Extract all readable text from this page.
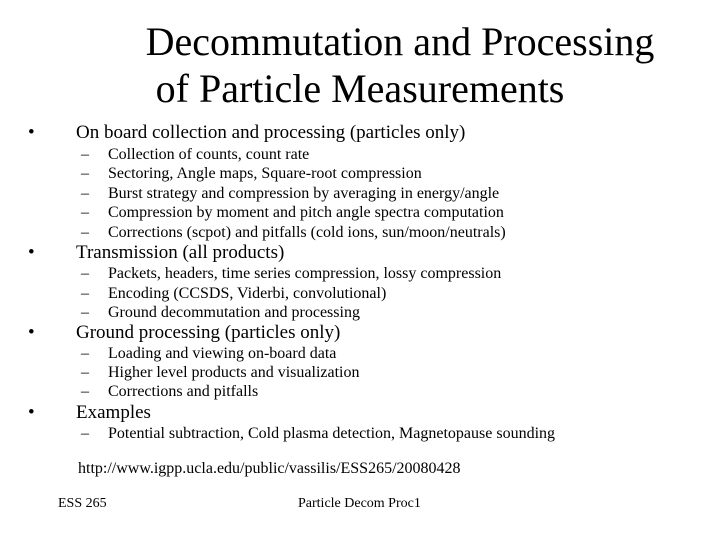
Decommutation and Processing
of Particle Measurements
• On board collection and processing (particles only)
– Collection of counts, count rate
– Sectoring, Angle maps, Square-root compression
– Burst strategy and compression by averaging in energy/angle
– Compression by moment and pitch angle spectra computation
– Corrections (scpot) and pitfalls (cold ions, sun/moon/neutrals)
• Transmission (all products)
– Packets, headers, time series compression, lossy compression
– Encoding (CCSDS, Viderbi, convolutional)
– Ground decommutation and processing
• Ground processing (particles only)
– Loading and viewing on-board data
– Higher level products and visualization
– Corrections and pitfalls
• Examples
– Potential subtraction, Cold plasma detection, Magnetopause sounding
http://www.igpp.ucla.edu/public/vassilis/ESS265/20080428
ESS 265	Particle Decom Proc1
